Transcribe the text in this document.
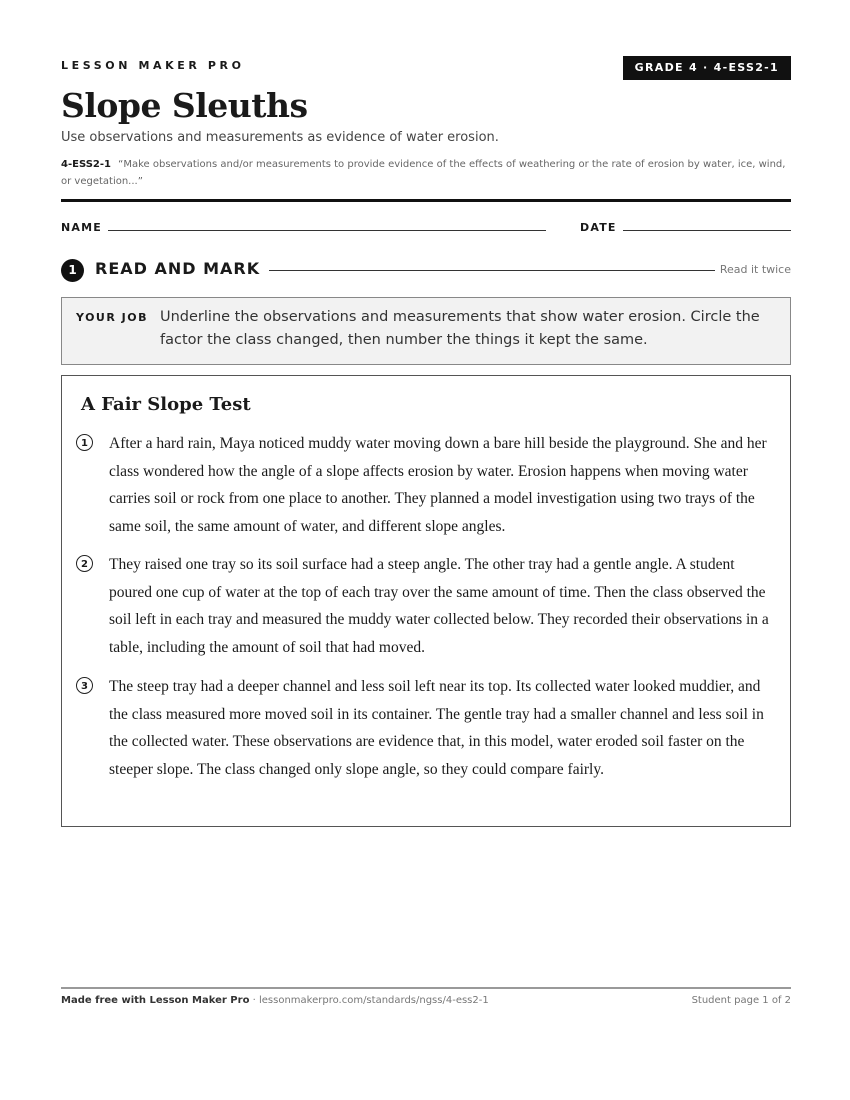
LESSON MAKER PRO	GRADE 4 · 4-ESS2-1
Slope Sleuths
Use observations and measurements as evidence of water erosion.
4-ESS2-1 “Make observations and/or measurements to provide evidence of the effects of weathering or the rate of erosion by water, ice, wind, or vegetation...”
NAME	DATE
1	READ AND MARK	Read it twice
YOUR JOB Underline the observations and measurements that show water erosion. Circle the factor the class changed, then number the things it kept the same.
A Fair Slope Test
1	After a hard rain, Maya noticed muddy water moving down a bare hill beside the playground. She and her class wondered how the angle of a slope affects erosion by water. Erosion happens when moving water carries soil or rock from one place to another. They planned a model investigation using two trays of the same soil, the same amount of water, and different slope angles.
2	They raised one tray so its soil surface had a steep angle. The other tray had a gentle angle. A student poured one cup of water at the top of each tray over the same amount of time. Then the class observed the soil left in each tray and measured the muddy water collected below. They recorded their observations in a table, including the amount of soil that had moved.
3	The steep tray had a deeper channel and less soil left near its top. Its collected water looked muddier, and the class measured more moved soil in its container. The gentle tray had a smaller channel and less soil in the collected water. These observations are evidence that, in this model, water eroded soil faster on the steeper slope. The class changed only slope angle, so they could compare fairly.
Made free with Lesson Maker Pro · lessonmakerpro.com/standards/ngss/4-ess2-1	Student page 1 of 2
